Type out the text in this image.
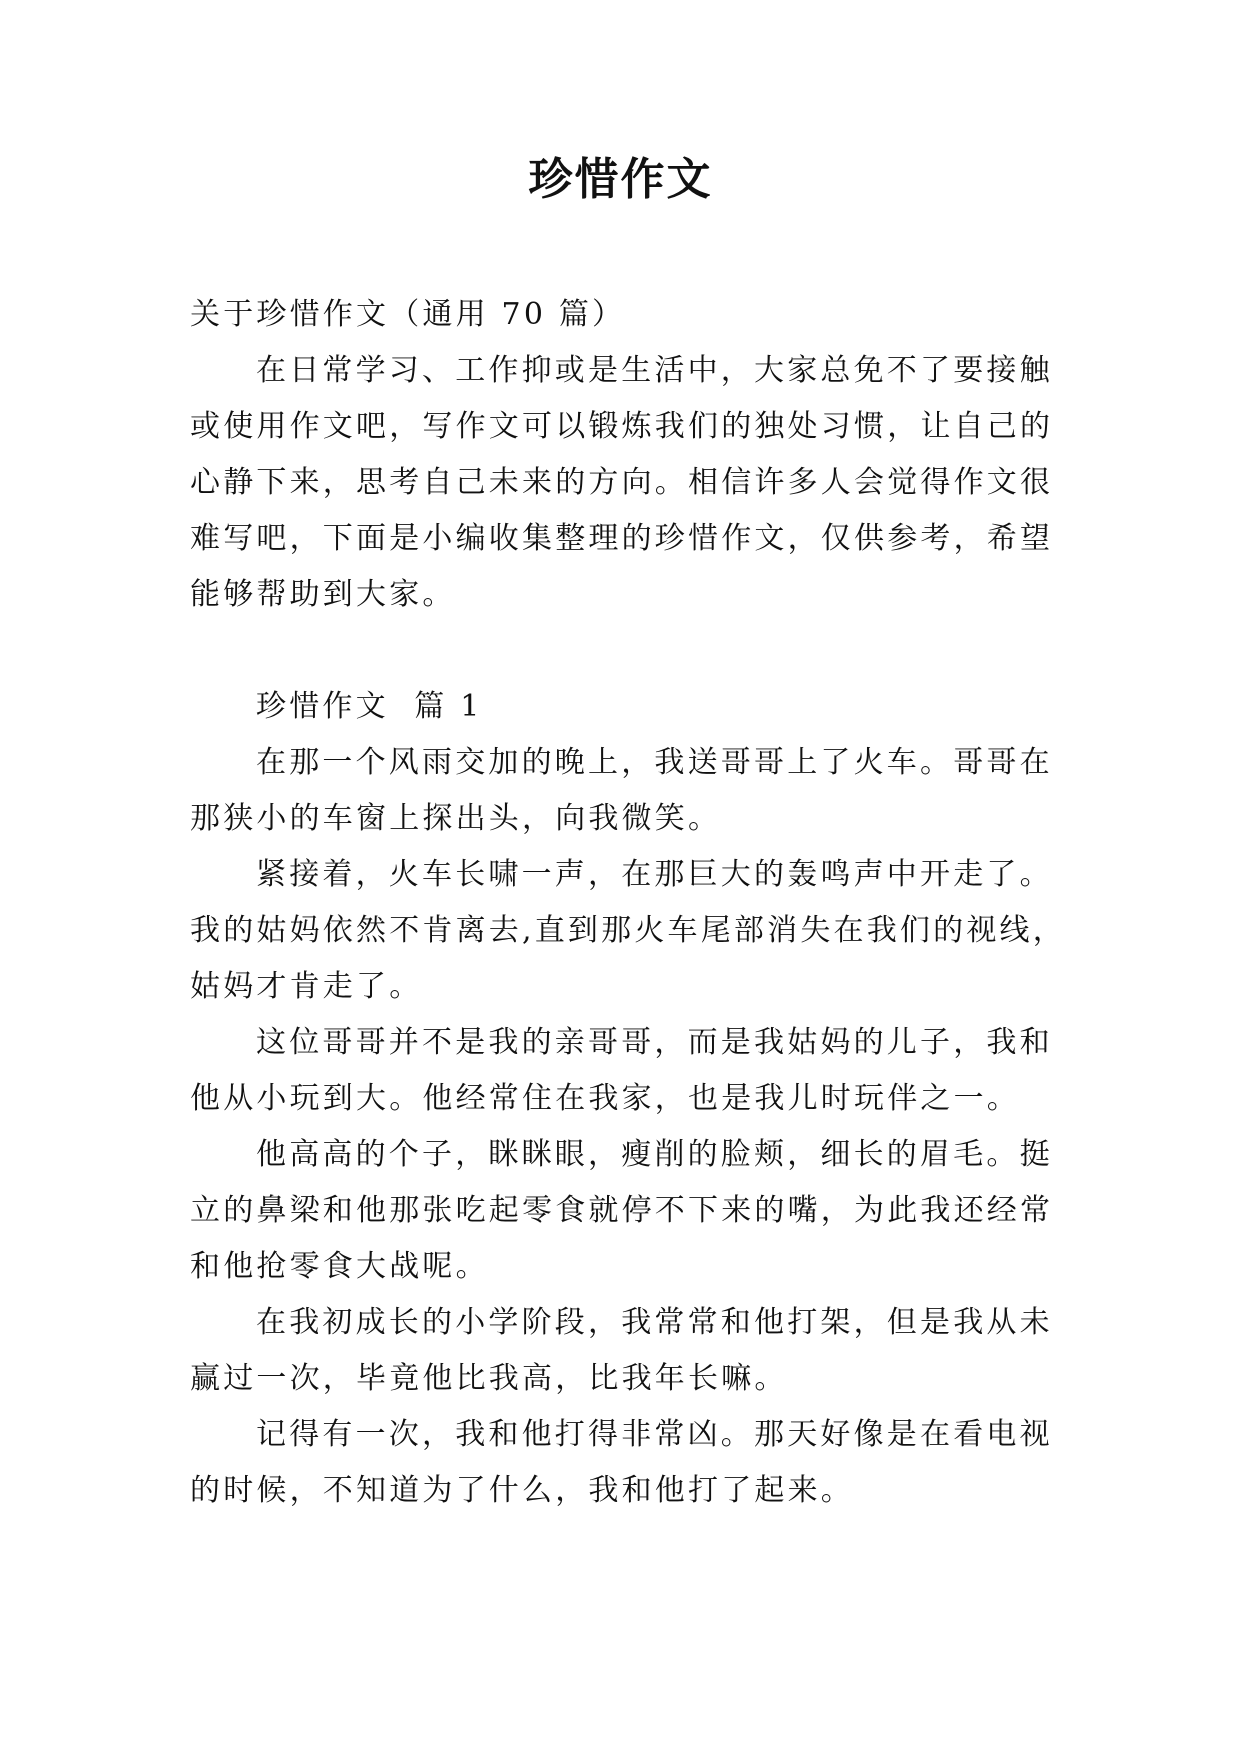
珍惜作文
关于珍惜作文（通用 70 篇）
在日常学习、工作抑或是生活中，大家总免不了要接触
或使用作文吧，写作文可以锻炼我们的独处习惯，让自己的
心静下来，思考自己未来的方向。相信许多人会觉得作文很
难写吧，下面是小编收集整理的珍惜作文，仅供参考，希望
能够帮助到大家。
珍惜作文  篇 1
在那一个风雨交加的晚上，我送哥哥上了火车。哥哥在
那狭小的车窗上探出头，向我微笑。
紧接着，火车长啸一声，在那巨大的轰鸣声中开走了。
我的姑妈依然不肯离去,直到那火车尾部消失在我们的视线，
姑妈才肯走了。
这位哥哥并不是我的亲哥哥，而是我姑妈的儿子，我和
他从小玩到大。他经常住在我家，也是我儿时玩伴之一。
他高高的个子，眯眯眼，瘦削的脸颊，细长的眉毛。挺
立的鼻梁和他那张吃起零食就停不下来的嘴，为此我还经常
和他抢零食大战呢。
在我初成长的小学阶段，我常常和他打架，但是我从未
赢过一次，毕竟他比我高，比我年长嘛。
记得有一次，我和他打得非常凶。那天好像是在看电视
的时候，不知道为了什么，我和他打了起来。
